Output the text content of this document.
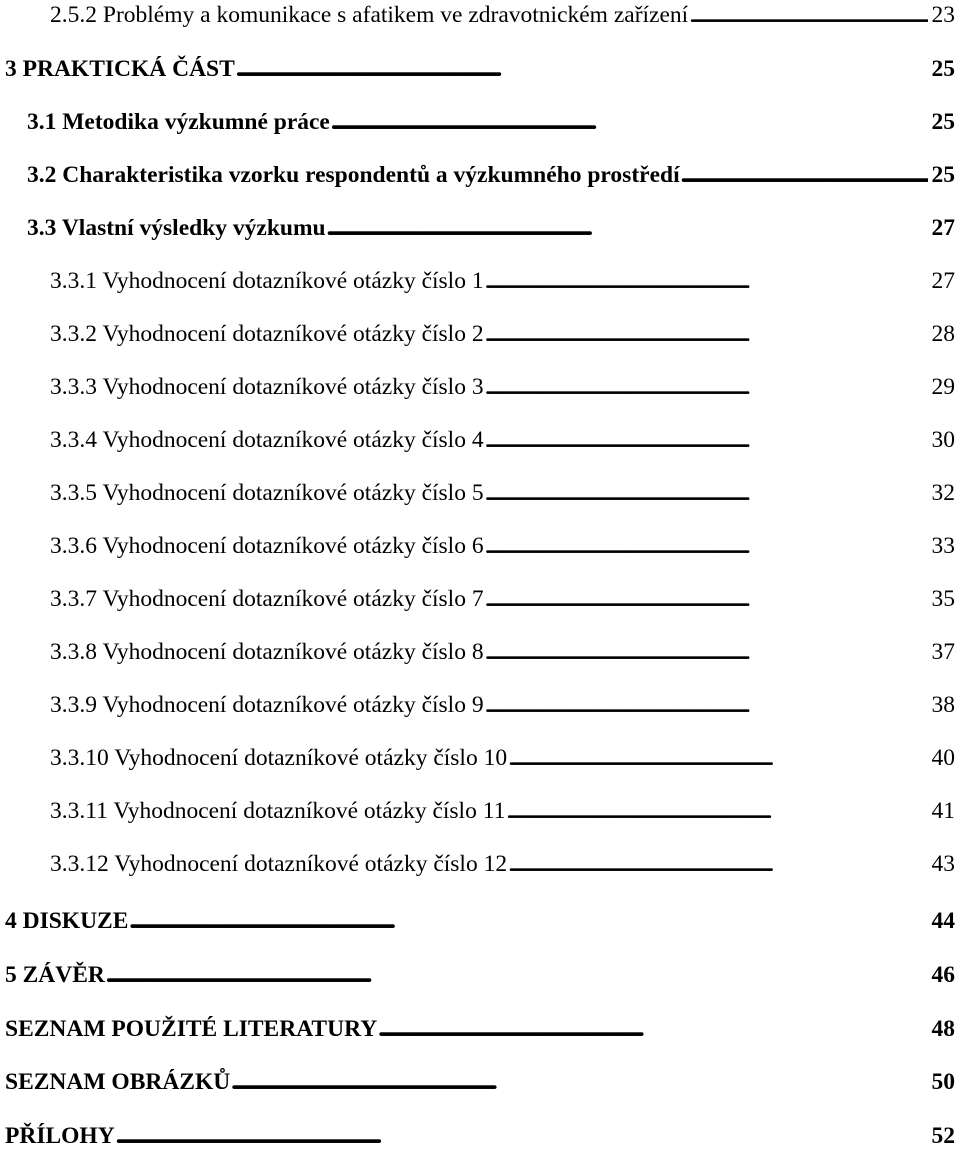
2.5.2 Problémy a komunikace s afatikem ve zdravotnickém zařízení . . .	23
3 PRAKTICKÁ ČÁST . . .	25
3.1 Metodika výzkumné práce . . .	25
3.2 Charakteristika vzorku respondentů a výzkumného prostředí . . .	25
3.3 Vlastní výsledky výzkumu . . .	27
3.3.1 Vyhodnocení dotazníkové otázky číslo 1 . . .	27
3.3.2 Vyhodnocení dotazníkové otázky číslo 2 . . .	28
3.3.3 Vyhodnocení dotazníkové otázky číslo 3 . . .	29
3.3.4 Vyhodnocení dotazníkové otázky číslo 4 . . .	30
3.3.5 Vyhodnocení dotazníkové otázky číslo 5 . . .	32
3.3.6 Vyhodnocení dotazníkové otázky číslo 6 . . .	33
3.3.7 Vyhodnocení dotazníkové otázky číslo 7 . . .	35
3.3.8 Vyhodnocení dotazníkové otázky číslo 8 . . .	37
3.3.9 Vyhodnocení dotazníkové otázky číslo 9 . . .	38
3.3.10 Vyhodnocení dotazníkové otázky číslo 10 . . .	40
3.3.11 Vyhodnocení dotazníkové otázky číslo 11 . . .	41
3.3.12 Vyhodnocení dotazníkové otázky číslo 12 . . .	43
4 DISKUZE . . .	44
5 ZÁVĚR . . .	46
SEZNAM POUŽITÉ LITERATURY . . .	48
SEZNAM OBRÁZKŮ . . .	50
PŘÍLOHY . . .	52
